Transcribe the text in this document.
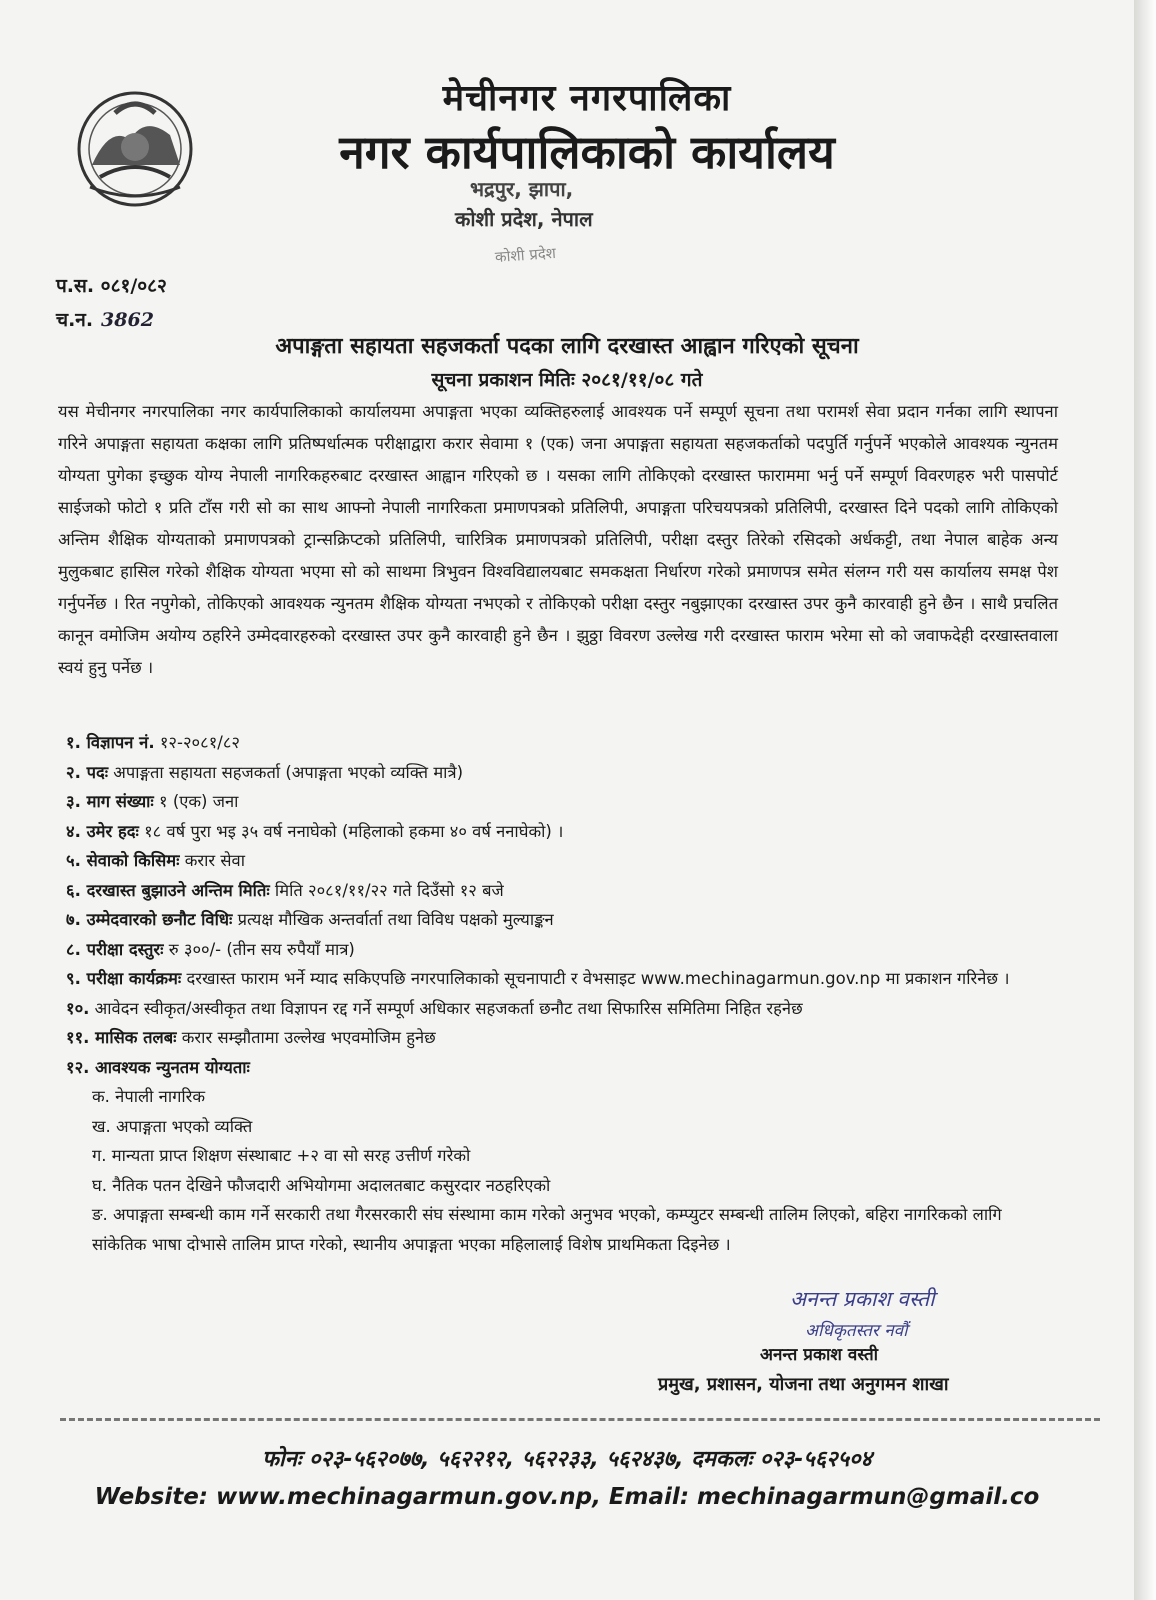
मेचीनगर नगरपालिका
नगर कार्यपालिकाको कार्यालय
भद्रपुर, झापा,
कोशी प्रदेश, नेपाल
कोशी प्रदेश
प.स. ०८१/०८२
च.न. 3862
अपाङ्गता सहायता सहजकर्ता पदका लागि दरखास्त आह्वान गरिएको सूचना
सूचना प्रकाशन मितिः २०८१/११/०८ गते
यस मेचीनगर नगरपालिका नगर कार्यपालिकाको कार्यालयमा अपाङ्गता भएका व्यक्तिहरुलाई आवश्यक पर्ने सम्पूर्ण सूचना तथा परामर्श सेवा प्रदान गर्नका लागि स्थापना गरिने अपाङ्गता सहायता कक्षका लागि प्रतिष्पर्धात्मक परीक्षाद्वारा करार सेवामा १ (एक) जना अपाङ्गता सहायता सहजकर्ताको पदपुर्ति गर्नुपर्ने भएकोले आवश्यक न्युनतम योग्यता पुगेका इच्छुक योग्य नेपाली नागरिकहरुबाट दरखास्त आह्वान गरिएको छ । यसका लागि तोकिएको दरखास्त फाराममा भर्नु पर्ने सम्पूर्ण विवरणहरु भरी पासपोर्ट साईजको फोटो १ प्रति टाँस गरी सो का साथ आफ्नो नेपाली नागरिकता प्रमाणपत्रको प्रतिलिपी, अपाङ्गता परिचयपत्रको प्रतिलिपी, दरखास्त दिने पदको लागि तोकिएको अन्तिम शैक्षिक योग्यताको प्रमाणपत्रको ट्रान्सक्रिप्टको प्रतिलिपी, चारित्रिक प्रमाणपत्रको प्रतिलिपी, परीक्षा दस्तुर तिरेको रसिदको अर्धकट्टी, तथा नेपाल बाहेक अन्य मुलुकबाट हासिल गरेको शैक्षिक योग्यता भएमा सो को साथमा त्रिभुवन विश्वविद्यालयबाट समकक्षता निर्धारण गरेको प्रमाणपत्र समेत संलग्न गरी यस कार्यालय समक्ष पेश गर्नुपर्नेछ । रित नपुगेको, तोकिएको आवश्यक न्युनतम शैक्षिक योग्यता नभएको र तोकिएको परीक्षा दस्तुर नबुझाएका दरखास्त उपर कुनै कारवाही हुने छैन । साथै प्रचलित कानून वमोजिम अयोग्य ठहरिने उम्मेदवारहरुको दरखास्त उपर कुनै कारवाही हुने छैन । झुठ्ठा विवरण उल्लेख गरी दरखास्त फाराम भरेमा सो को जवाफदेही दरखास्तवाला स्वयं हुनु पर्नेछ ।
१. विज्ञापन नं. १२-२०८१/८२
२. पदः अपाङ्गता सहायता सहजकर्ता (अपाङ्गता भएको व्यक्ति मात्रै)
३. माग संख्याः १ (एक) जना
४. उमेर हदः १८ वर्ष पुरा भइ ३५ वर्ष ननाघेको (महिलाको हकमा ४० वर्ष ननाघेको) ।
५. सेवाको किसिमः करार सेवा
६. दरखास्त बुझाउने अन्तिम मितिः मिति २०८१/११/२२ गते दिउँसो १२ बजे
७. उम्मेदवारको छनौट विधिः प्रत्यक्ष मौखिक अन्तर्वार्ता तथा विविध पक्षको मुल्याङ्कन
८. परीक्षा दस्तुरः रु ३००/- (तीन सय रुपैयाँ मात्र)
९. परीक्षा कार्यक्रमः दरखास्त फाराम भर्ने म्याद सकिएपछि नगरपालिकाको सूचनापाटी र वेभसाइट www.mechinagarmun.gov.np मा प्रकाशन गरिनेछ ।
१०. आवेदन स्वीकृत/अस्वीकृत तथा विज्ञापन रद्द गर्ने सम्पूर्ण अधिकार सहजकर्ता छनौट तथा सिफारिस समितिमा निहित रहनेछ
११. मासिक तलबः करार सम्झौतामा उल्लेख भएवमोजिम हुनेछ
१२. आवश्यक न्युनतम योग्यताः
क. नेपाली नागरिक
ख. अपाङ्गता भएको व्यक्ति
ग. मान्यता प्राप्त शिक्षण संस्थाबाट +२ वा सो सरह उत्तीर्ण गरेको
घ. नैतिक पतन देखिने फौजदारी अभियोगमा अदालतबाट कसुरदार नठहरिएको
ङ. अपाङ्गता सम्बन्धी काम गर्ने सरकारी तथा गैरसरकारी संघ संस्थामा काम गरेको अनुभव भएको, कम्प्युटर सम्बन्धी तालिम लिएको, बहिरा नागरिकको लागि सांकेतिक भाषा दोभासे तालिम प्राप्त गरेको, स्थानीय अपाङ्गता भएका महिलालाई विशेष प्राथमिकता दिइनेछ ।
अनन्त प्रकाश वस्ती
अधिकृतस्तर नवौं
अनन्त प्रकाश वस्ती
प्रमुख, प्रशासन, योजना तथा अनुगमन शाखा
फोनः ०२३-५६२०७७, ५६२२१२, ५६२२३३, ५६२४३७, दमकलः ०२३-५६२५०४
Website: www.mechinagarmun.gov.np, Email: mechinagarmun@gmail.co
